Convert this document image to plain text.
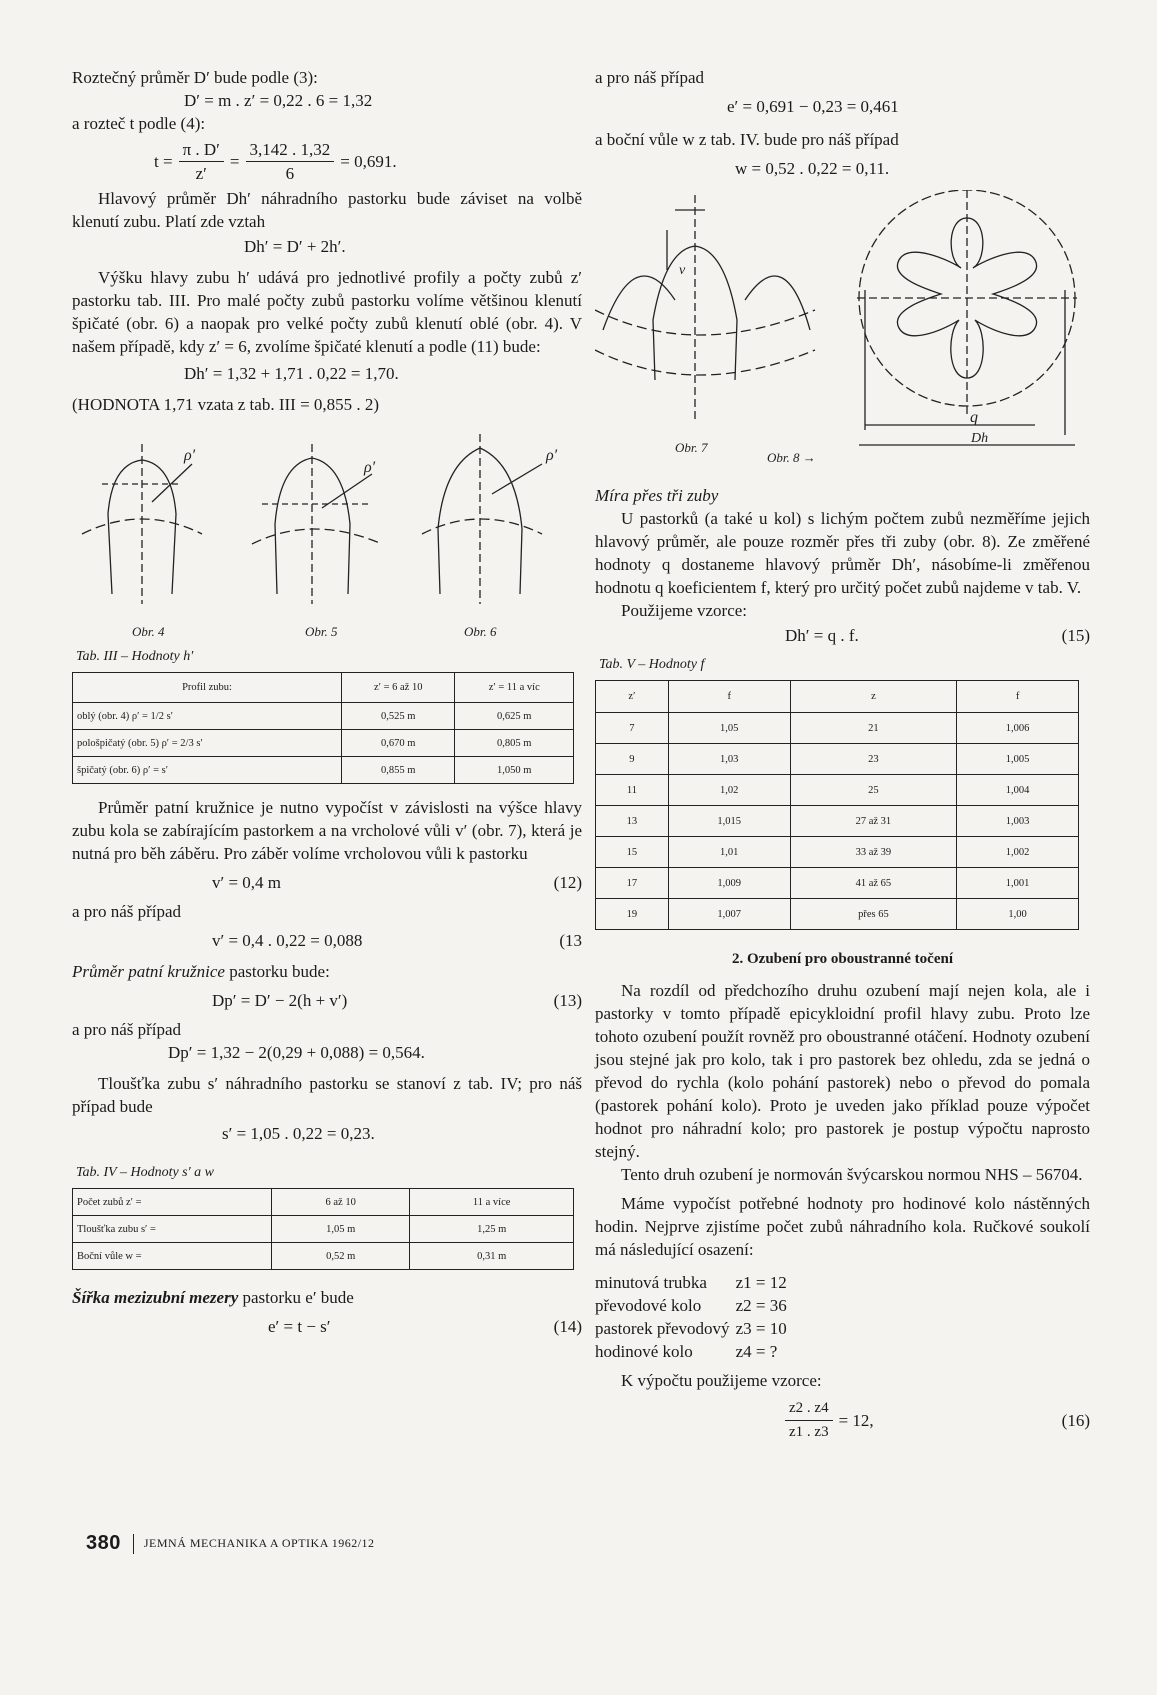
Roztečný průměr D′ bude podle (3):

D′ = m . z′ = 0,22 . 6 = 1,32

a rozteč t podle (4):

$t = \frac{\pi . D'}{z'} = \frac{3,142 . 1,32}{6} = 0,691$.

Hlavový průměr Dh′ náhradního pastorku bude záviset na volbě klenutí zubu. Platí zde vztah

Dh′ = D′ + 2h′.

Výšku hlavy zubu h′ udává pro jednotlivé profily a počty zubů z′ pastorku tab. III. Pro malé počty zubů pastorku volíme většinou klenutí špičaté (obr. 6) a naopak pro velké počty zubů klenutí oblé (obr. 4). V našem případě, kdy z′ = 6, zvolíme špičaté klenutí a podle (11) bude:

Dh′ = 1,32 + 1,71 . 0,22 = 1,70.

(HODNOTA 1,71 vzata z tab. III = 0,855 . 2)

ρ′
ρ′
ρ′
Obr. 4	Obr. 5	Obr. 6

Tab. III – Hodnoty h′

Profil zubu:	z′ = 6 až 10	z′ = 11 a víc
oblý (obr. 4) ρ′ = 1/2 s′	0,525 m	0,625 m
pološpičatý (obr. 5) ρ′ = 2/3 s′	0,670 m	0,805 m
špičatý (obr. 6) ρ′ = s′	0,855 m	1,050 m

Průměr patní kružnice je nutno vypočíst v závislosti na výšce hlavy zubu kola se zabírajícím pastorkem a na vrcholové vůli v′ (obr. 7), která je nutná pro běh záběru. Pro záběr volíme vrcholovou vůli k pastorku

v′ = 0,4 m	(12)

a pro náš případ

v′ = 0,4 . 0,22 = 0,088	(13

Průměr patní kružnice pastorku bude:

Dp′ = D′ − 2(h + v′)	(13)

a pro náš případ

Dp′ = 1,32 − 2(0,29 + 0,088) = 0,564.

Tloušťka zubu s′ náhradního pastorku se stanoví z tab. IV; pro náš případ bude

s′ = 1,05 . 0,22 = 0,23.

Tab. IV – Hodnoty s′ a w

Počet zubů z′ =	6 až 10	11 a více
Tloušťka zubu s′ =	1,05 m	1,25 m
Boční vůle w =	0,52 m	0,31 m

Šířka mezizubní mezery pastorku e′ bude

e′ = t − s′	(14)

a pro náš případ

e′ = 0,691 − 0,23 = 0,461

a boční vůle w z tab. IV. bude pro náš případ

w = 0,52 . 0,22 = 0,11.
v
Obr. 7
q
Dh
Obr. 8 →

Míra přes tři zuby

U pastorků (a také u kol) s lichým počtem zubů nezměříme jejich hlavový průměr, ale pouze rozměr přes tři zuby (obr. 8). Ze změřené hodnoty q dostaneme hlavový průměr Dh′, násobíme-li změřenou hodnotu q koeficientem f, který pro určitý počet zubů najdeme v tab. V.

Použijeme vzorce:

Dh′ = q . f.	(15)

Tab. V – Hodnoty f

z′	f	z	f
7	1,05	21	1,006
9	1,03	23	1,005
11	1,02	25	1,004
13	1,015	27 až 31	1,003
15	1,01	33 až 39	1,002
17	1,009	41 až 65	1,001
19	1,007	přes 65	1,00
2. Ozubení pro oboustranné točení

Na rozdíl od předchozího druhu ozubení mají nejen kola, ale i pastorky v tomto případě epicykloidní profil hlavy zubu. Proto lze tohoto ozubení použít rovněž pro oboustranné otáčení. Hodnoty ozubení jsou stejné jak pro kolo, tak i pro pastorek bez ohledu, zda se jedná o převod do rychla (kolo pohání pastorek) nebo o převod do pomala (pastorek pohání kolo). Proto je uveden jako příklad pouze výpočet hodnot pro náhradní kolo; pro pastorek je postup výpočtu naprosto stejný.

Tento druh ozubení je normován švýcarskou normou NHS – 56704.

Máme vypočíst potřebné hodnoty pro hodinové kolo nástěnných hodin. Nejprve zjistíme počet zubů náhradního kola. Ručkové soukolí má následující osazení:

minutová trubka	z1 = 12
převodové kolo	z2 = 36
pastorek převodový	z3 = 10
hodinové kolo	z4 = ?

K výpočtu použijeme vzorce:

$\frac{z2 . z4}{z1 . z3} = 12$,	(16)
380 JEMNÁ MECHANIKA A OPTIKA 1962/12
